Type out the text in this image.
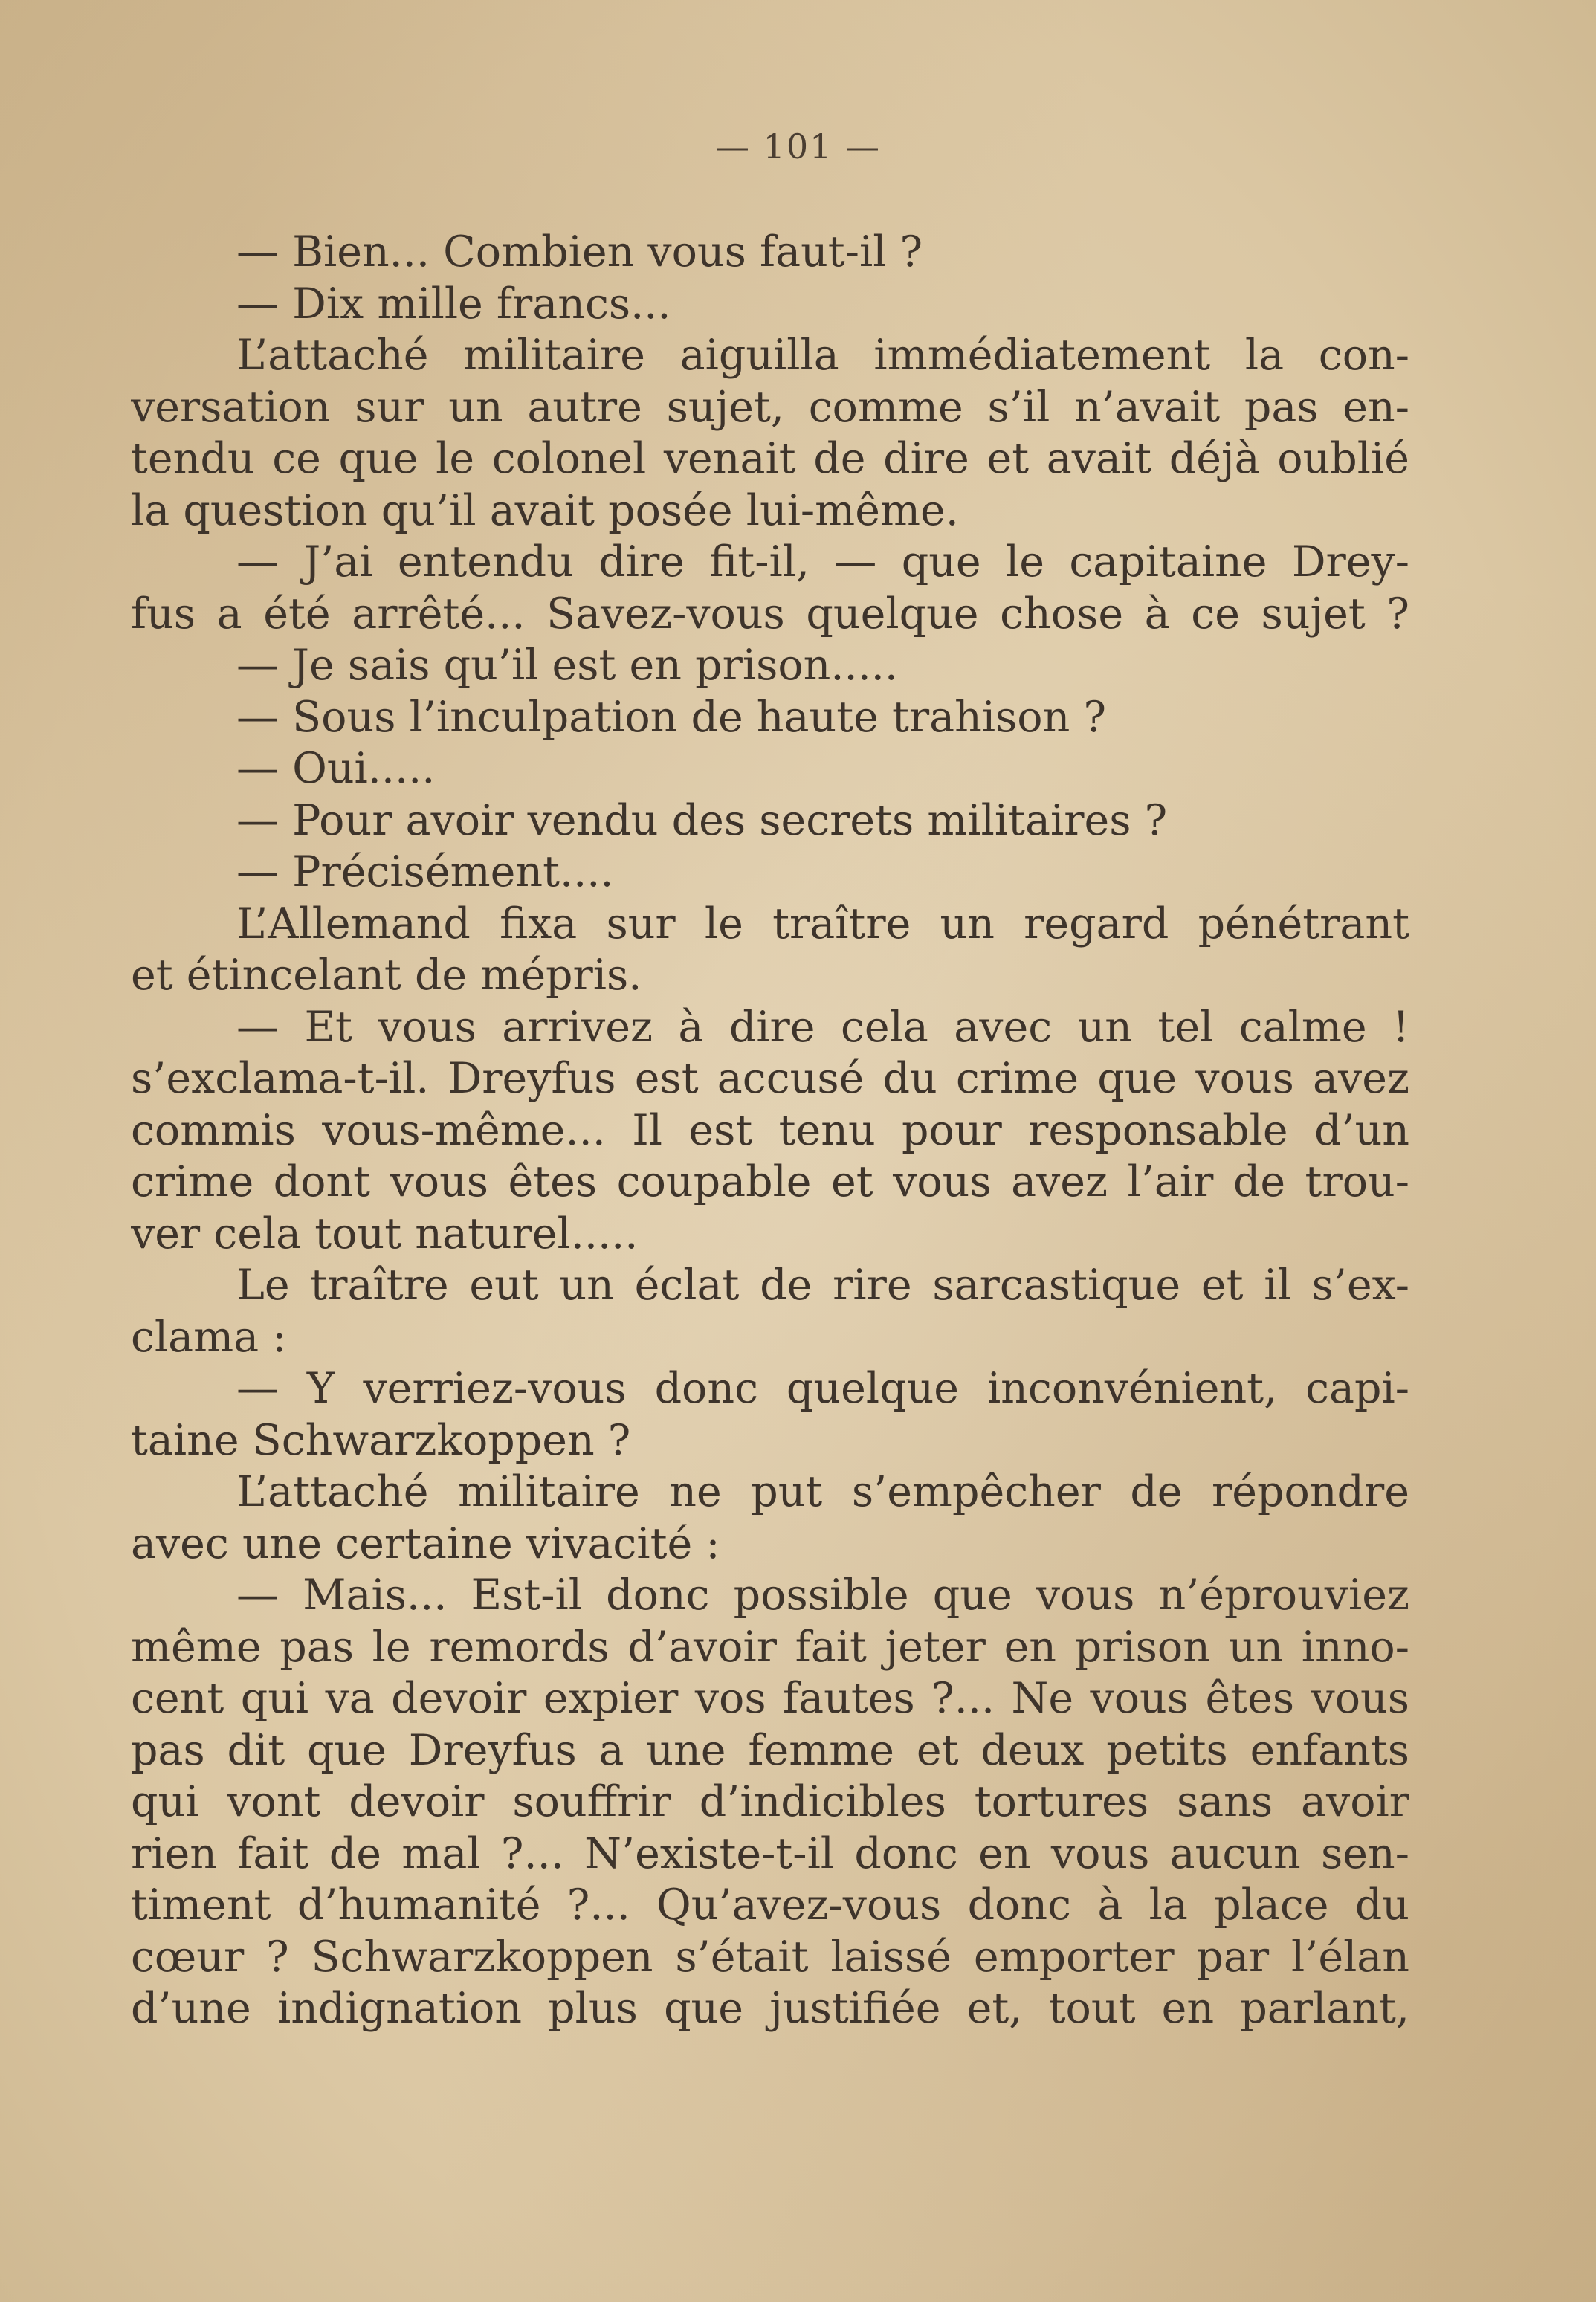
— 101 —
— Bien... Combien vous faut-il ?
— Dix mille francs...
L’attaché militaire aiguilla immédiatement la con-
versation sur un autre sujet, comme s’il n’avait pas en-
tendu ce que le colonel venait de dire et avait déjà oublié
la question qu’il avait posée lui-même.
— J’ai entendu dire fit-il, — que le capitaine Drey-
fus a été arrêté... Savez-vous quelque chose à ce sujet ?
— Je sais qu’il est en prison.....
— Sous l’inculpation de haute trahison ?
— Oui.....
— Pour avoir vendu des secrets militaires ?
— Précisément....
L’Allemand fixa sur le traître un regard pénétrant
et étincelant de mépris.
— Et vous arrivez à dire cela avec un tel calme !
s’exclama-t-il. Dreyfus est accusé du crime que vous avez
commis vous-même... Il est tenu pour responsable d’un
crime dont vous êtes coupable et vous avez l’air de trou-
ver cela tout naturel.....
Le traître eut un éclat de rire sarcastique et il s’ex-
clama :
— Y verriez-vous donc quelque inconvénient, capi-
taine Schwarzkoppen ?
L’attaché militaire ne put s’empêcher de répondre
avec une certaine vivacité :
— Mais... Est-il donc possible que vous n’éprouviez
même pas le remords d’avoir fait jeter en prison un inno-
cent qui va devoir expier vos fautes ?... Ne vous êtes vous
pas dit que Dreyfus a une femme et deux petits enfants
qui vont devoir souffrir d’indicibles tortures sans avoir
rien fait de mal ?... N’existe-t-il donc en vous aucun sen-
timent d’humanité ?... Qu’avez-vous donc à la place du
cœur ? Schwarzkoppen s’était laissé emporter par l’élan
d’une indignation plus que justifiée et, tout en parlant,
